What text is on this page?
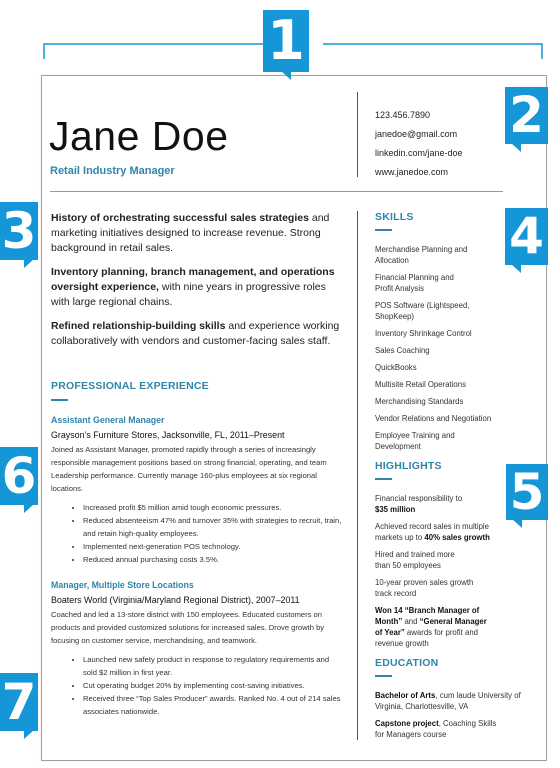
1
2
3	4
5
6
7
Jane Doe
Retail Industry Manager
123.456.7890
janedoe@gmail.com
linkedin.com/jane-doe
www.janedoe.com

History of orchestrating successful sales strategies and marketing initiatives designed to increase revenue. Strong background in retail sales.

Inventory planning, branch management, and operations oversight experience, with nine years in progressive roles with large regional chains.

Refined relationship-building skills and experience working collaboratively with vendors and customer-facing sales staff.

PROFESSIONAL EXPERIENCE
Assistant General Manager
Grayson’s Furniture Stores, Jacksonville, FL, 2011–Present
Joined as Assistant Manager, promoted rapidly through a series of increasingly responsible management positions based on strong financial, operating, and team Leadership performance. Currently manage 160-plus employees at six regional locations.
• Increased profit $5 million amid tough economic pressures.
• Reduced absenteeism 47% and turnover 35% with strategies to recruit, train, and retain high-quality employees.
• Implemented next-generation POS technology.
• Reduced annual purchasing costs 3.5%.
Manager, Multiple Store Locations
Boaters World (Virginia/Maryland Regional District), 2007–2011
Coached and led a 13-store district with 150 employees. Educated customers on products and provided customized solutions for increased sales. Drove growth by focusing on customer service, merchandising, and teamwork.
• Launched new safety product in response to regulatory requirements and sold $2 million in first year.
• Cut operating budget 20% by implementing cost-saving initiatives.
• Received three “Top Sales Producer” awards. Ranked No. 4 out of 214 sales associates nationwide.
SKILLS
Merchandise Planning and Allocation
Financial Planning and Profit Analysis
POS Software (Lightspeed, ShopKeep)
Inventory Shrinkage Control
Sales Coaching
QuickBooks
Multisite Retail Operations
Merchandising Standards
Vendor Relations and Negotiation
Employee Training and Development
HIGHLIGHTS
Financial responsibility to $35 million
Achieved record sales in multiple markets up to 40% sales growth
Hired and trained more than 50 employees
10-year proven sales growth track record
Won 14 “Branch Manager of Month” and “General Manager of Year” awards for profit and revenue growth
EDUCATION
Bachelor of Arts, cum laude University of Virginia, Charlottesville, VA
Capstone project, Coaching Skills for Managers course
